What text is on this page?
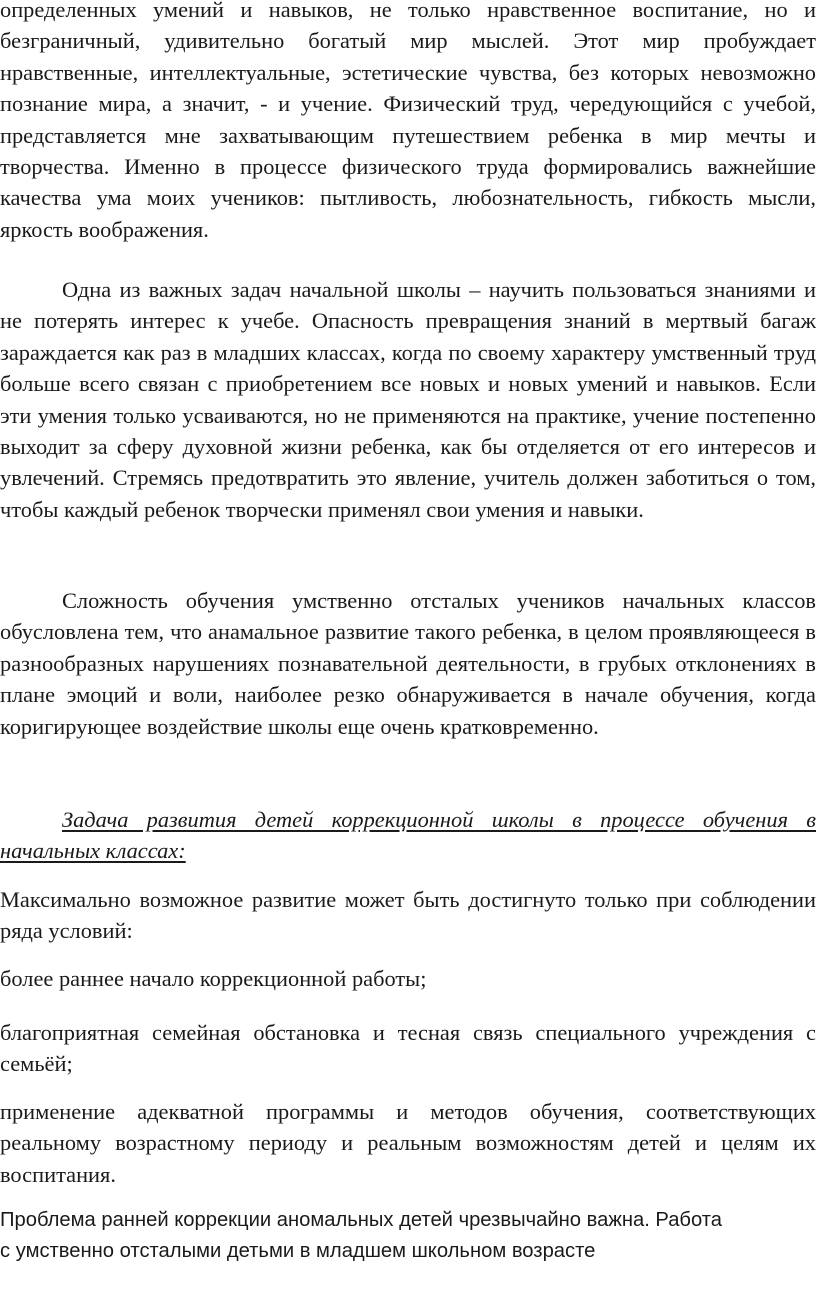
определенных умений и навыков, не только нравственное воспитание, но и безграничный, удивительно богатый мир мыслей. Этот мир пробуждает нравственные, интеллектуальные, эстетические чувства, без которых невозможно познание мира, а значит, - и учение. Физический труд, чередующийся с учебой, представляется мне захватывающим путешествием ребенка в мир мечты и творчества. Именно в процессе физического труда формировались важнейшие качества ума моих учеников: пытливость, любознательность, гибкость мысли, яркость воображения.

Одна из важных задач начальной школы – научить пользоваться знаниями и не потерять интерес к учебе. Опасность превращения знаний в мертвый багаж зараждается как раз в младших классах, когда по своему характеру умственный труд больше всего связан с приобретением все новых и новых умений и навыков. Если эти умения только усваиваются, но не применяются на практике, учение постепенно выходит за сферу духовной жизни ребенка, как бы отделяется от его интересов и увлечений. Стремясь предотвратить это явление, учитель должен заботиться о том, чтобы каждый ребенок творчески применял свои умения и навыки.

Сложность обучения умственно отсталых учеников начальных классов обусловлена тем, что анамальное развитие такого ребенка, в целом проявляющееся в разнообразных нарушениях познавательной деятельности, в грубых отклонениях в плане эмоций и воли, наиболее резко обнаруживается в начале обучения, когда коригирующее воздействие школы еще очень кратковременно.

Задача развития детей коррекционной школы в процессе обучения в начальных классах:

Максимально возможное развитие может быть достигнуто только при соблюдении ряда условий:

более раннее начало коррекционной работы;

благоприятная семейная обстановка и тесная связь специального учреждения с семьёй;

применение адекватной программы и методов обучения, соответствующих реальному возрастному периоду и реальным возможностям детей и целям их воспитания.

Проблема ранней коррекции аномальных детей чрезвычайно важна. Работа
с умственно отсталыми детьми в младшем школьном возрасте
